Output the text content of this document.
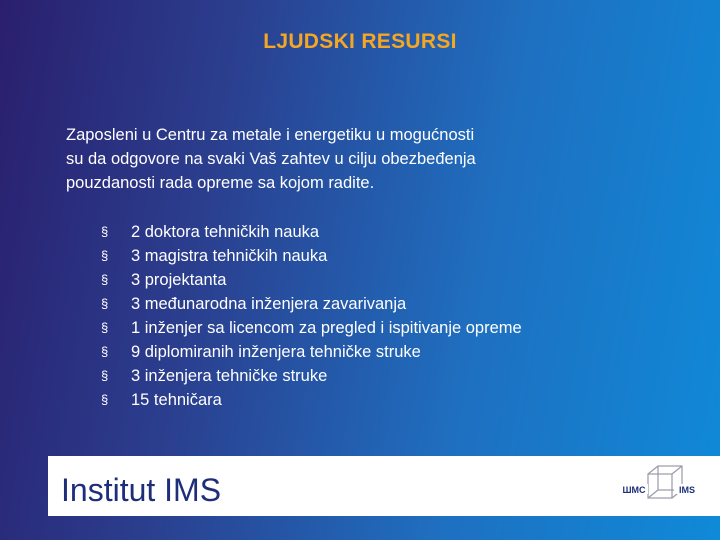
LJUDSKI RESURSI
Zaposleni u Centru za metale i energetiku u mogućnosti
su da odgovore na svaki Vaš zahtev u cilju obezbeđenja
pouzdanosti rada opreme sa kojom radite.
§	2 doktora tehničkih nauka
§	3 magistra tehničkih nauka
§	3 projektanta
§	3 međunarodna inženjera zavarivanja
§	1 inženjer sa licencom za pregled i ispitivanje opreme
§	9 diplomiranih inženjera tehničke struke
§	3 inženjera tehničke struke
§	15 tehničara
Institut IMS	ШМС	IMS
